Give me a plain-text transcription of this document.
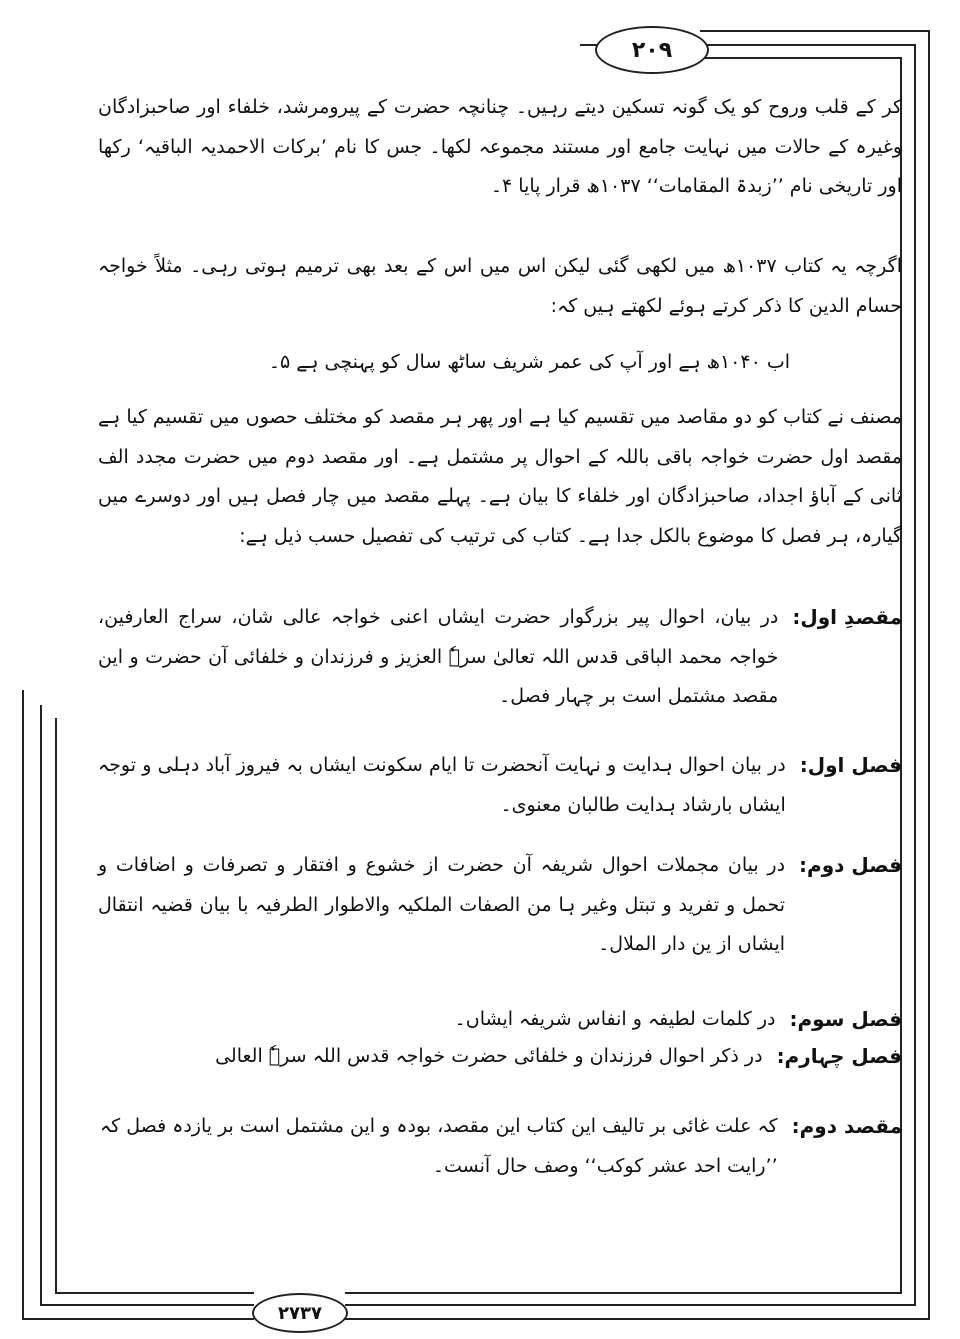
۲۰۹
کر کے قلب وروح کو یک گونہ تسکین دیتے رہیں۔ چنانچہ حضرت کے پیرومرشد، خلفاء اور صاحبزادگان وغیرہ کے حالات میں نہایت جامع اور مستند مجموعہ لکھا۔ جس کا نام ’برکات الاحمدیہ الباقیہ‘ رکھا اور تاریخی نام ’’زبدۃ المقامات‘‘ ۱۰۳۷ھ قرار پایا ۴۔
اگرچہ یہ کتاب ۱۰۳۷ھ میں لکھی گئی لیکن اس میں اس کے بعد بھی ترمیم ہوتی رہی۔ مثلاً خواجہ حسام الدین کا ذکر کرتے ہوئے لکھتے ہیں کہ:
اب ۱۰۴۰ھ ہے اور آپ کی عمر شریف ساٹھ سال کو پہنچی ہے ۵۔
مصنف نے کتاب کو دو مقاصد میں تقسیم کیا ہے اور پھر ہر مقصد کو مختلف حصوں میں تقسیم کیا ہے مقصد اول حضرت خواجہ باقی باللہ کے احوال پر مشتمل ہے۔ اور مقصد دوم میں حضرت مجدد الف ثانی کے آباؤ اجداد، صاحبزادگان اور خلفاء کا بیان ہے۔ پہلے مقصد میں چار فصل ہیں اور دوسرے میں گیارہ، ہر فصل کا موضوع بالکل جدا ہے۔ کتاب کی ترتیب کی تفصیل حسب ذیل ہے:
مقصدِ اول:
در بیان، احوال پیر بزرگوار حضرت ایشاں اعنی خواجہ عالی شان، سراج العارفین، خواجہ محمد الباقی قدس اللہ تعالیٰ سرہٗ العزیز و فرزندان و خلفائی آن حضرت و این مقصد مشتمل است بر چہار فصل۔
فصل اول:
در بیان احوال ہدایت و نہایت آنحضرت تا ایام سکونت ایشاں بہ فیروز آباد دہلی و توجہ ایشاں بارشاد ہدایت طالبان معنوی۔
فصل دوم:
در بیان مجملات احوال شریفہ آن حضرت از خشوع و افتقار و تصرفات و اضافات و تحمل و تفرید و تبتل وغیر ہا من الصفات الملکیہ والاطوار الطرفیہ با بیان قضیہ انتقال ایشاں از ین دار الملال۔
فصل سوم:
در کلمات لطیفہ و انفاس شریفہ ایشاں۔
فصل چہارم:
در ذکر احوال فرزندان و خلفائی حضرت خواجہ قدس اللہ سرہٗ العالی
مقصد دوم:
کہ علت غائی بر تالیف این کتاب این مقصد، بودہ و این مشتمل است بر یازدہ فصل کہ
’’رایت احد عشر کوکب‘‘ وصف حال آنست۔
۲۷۳۷
